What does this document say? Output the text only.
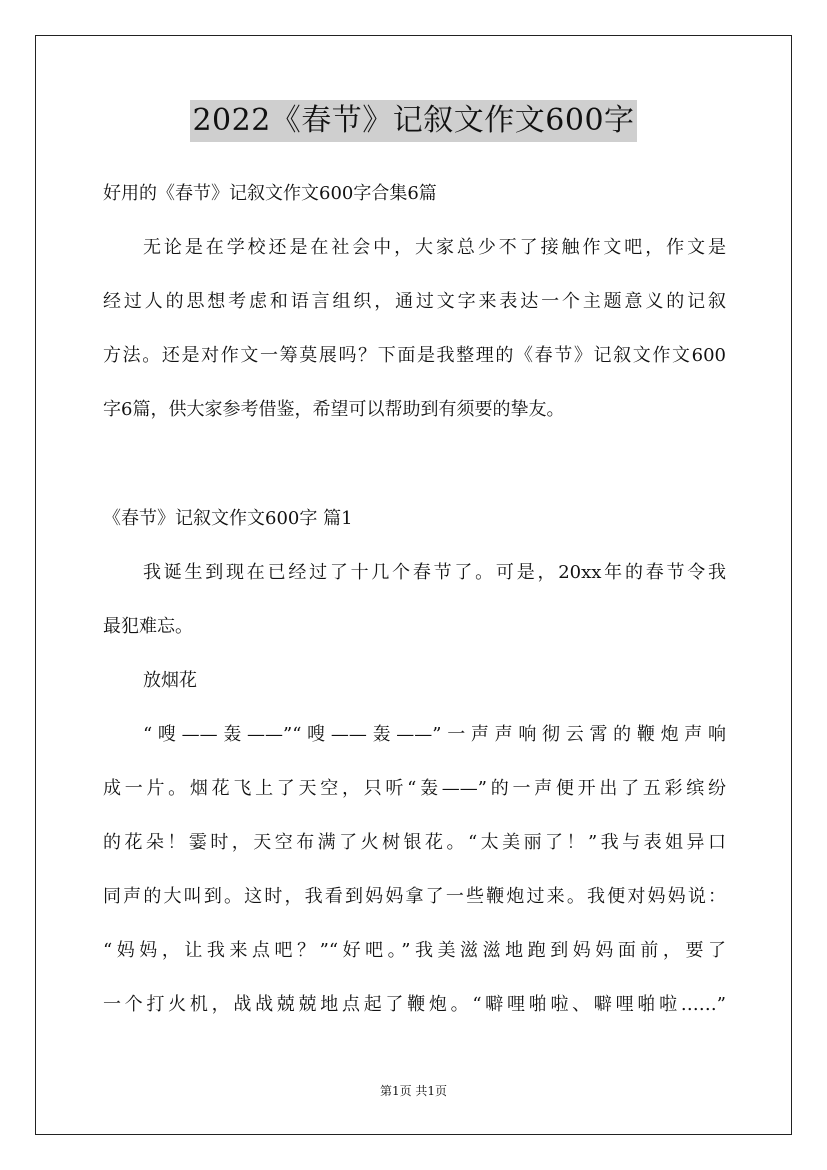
2022《春节》记叙文作文600字
好用的《春节》记叙文作文600字合集6篇
无论是在学校还是在社会中，大家总少不了接触作文吧，作文是
经过人的思想考虑和语言组织，通过文字来表达一个主题意义的记叙
方法。还是对作文一筹莫展吗？下面是我整理的《春节》记叙文作文600
字6篇，供大家参考借鉴，希望可以帮助到有须要的挚友。
《春节》记叙文作文600字 篇1
我诞生到现在已经过了十几个春节了。可是，20xx年的春节令我
最犯难忘。
放烟花
“嗖——轰——”“嗖——轰——”一声声响彻云霄的鞭炮声响
成一片。烟花飞上了天空，只听“轰——”的一声便开出了五彩缤纷
的花朵！霎时，天空布满了火树银花。“太美丽了！”我与表姐异口
同声的大叫到。这时，我看到妈妈拿了一些鞭炮过来。我便对妈妈说：
“妈妈，让我来点吧？”“好吧。”我美滋滋地跑到妈妈面前，要了
一个打火机，战战兢兢地点起了鞭炮。“噼哩啪啦、噼哩啪啦……”
第1页 共1页
